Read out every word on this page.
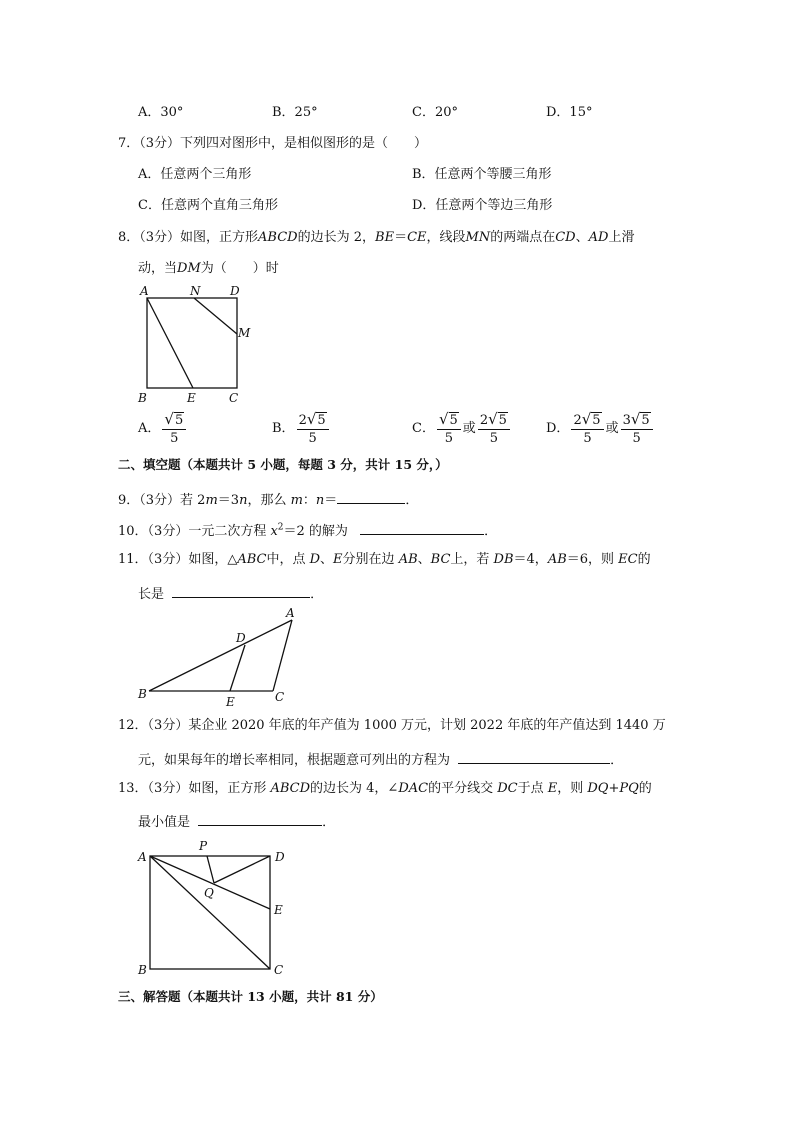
A．30°	B．25°	C．20°	D．15°
7．（3分）下列四对图形中，是相似图形的是（　　）
A．任意两个三角形	B．任意两个等腰三角形
C．任意两个直角三角形	D．任意两个等边三角形
8．（3分）如图，正方形ABCD的边长为 2，BE＝CE，线段MN的两端点在CD、AD上滑
动，当DM为（　　）时
A	N D
M
B	E	C
A． $\frac{√5}{5}$	B． $\frac{2√5}{5}$	C． $\frac{√5}{5}$ 或 $\frac{2√5}{5}$	D． $\frac{2√5}{5}$ 或 $\frac{3√5}{5}$
二、填空题（本题共计 5 小题，每题 3 分，共计 15 分，）
9．（3分）若 2m＝3n，那么 m：n＝	．
10．（3分）一元二次方程 $x^2=2$ 的解为	．
11．（3分）如图，△ABC中，点 D、E分别在边 AB、BC上，若 DB＝4，AB＝6，则 EC的
长是	．
A
D
B
E	C
12．（3分）某企业 2020 年底的年产值为 1000 万元，计划 2022 年底的年产值达到 1440 万
元，如果每年的增长率相同，根据题意可列出的方程为	．
13．（3分）如图，正方形 ABCD的边长为 4，∠DAC的平分线交 DC于点 E，则 DQ+PQ的
最小值是	．
A
P
D
Q
E
B	C
三、解答题（本题共计 13 小题，共计 81 分）
